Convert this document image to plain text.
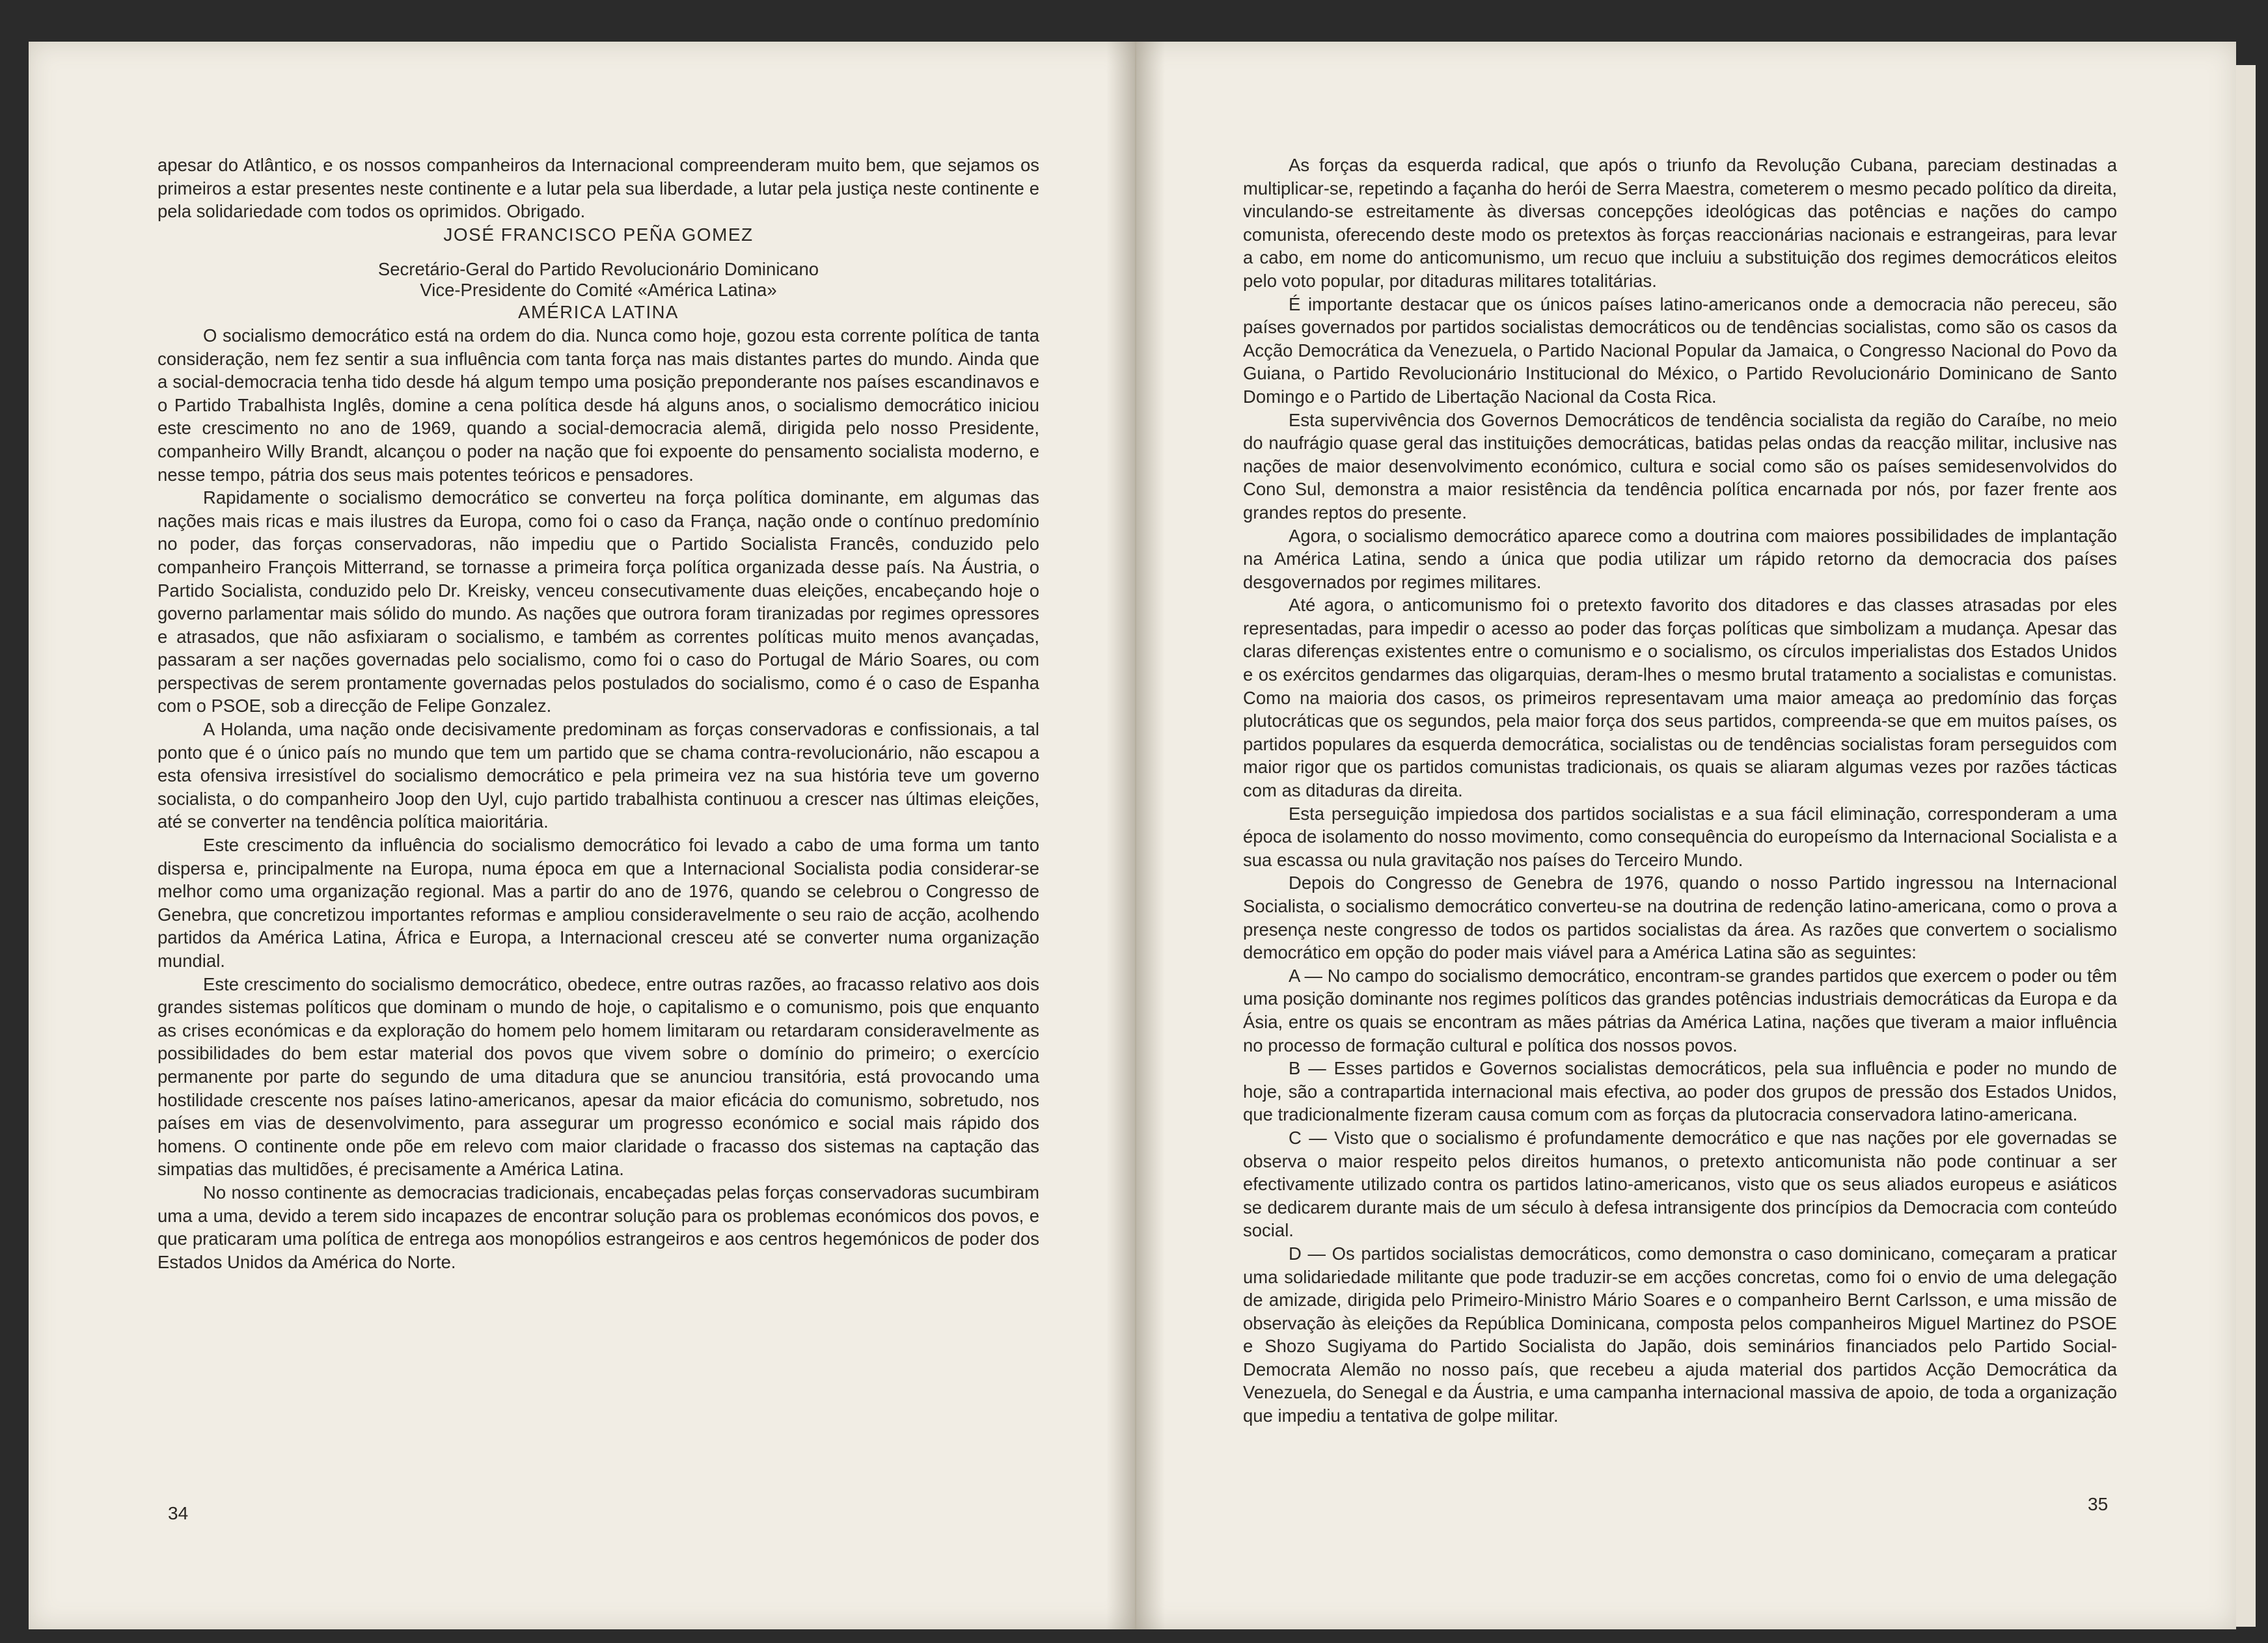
apesar do Atlântico, e os nossos companheiros da Internacional compreenderam muito bem, que sejamos os primeiros a estar presentes neste continente e a lutar pela sua liberdade, a lutar pela justiça neste continente e pela solidariedade com todos os oprimidos. Obrigado.

JOSÉ FRANCISCO PEÑA GOMEZ

Secretário-Geral do Partido Revolucionário Dominicano
Vice-Presidente do Comité «América Latina»

AMÉRICA LATINA

O socialismo democrático está na ordem do dia. Nunca como hoje, gozou esta corrente política de tanta consideração, nem fez sentir a sua influência com tanta força nas mais distantes partes do mundo. Ainda que a social-democracia tenha tido desde há algum tempo uma posição preponderante nos países escandinavos e o Partido Trabalhista Inglês, domine a cena política desde há alguns anos, o socialismo democrático iniciou este crescimento no ano de 1969, quando a social-democracia alemã, dirigida pelo nosso Presidente, companheiro Willy Brandt, alcançou o poder na nação que foi expoente do pensamento socialista moderno, e nesse tempo, pátria dos seus mais potentes teóricos e pensadores.

Rapidamente o socialismo democrático se converteu na força política dominante, em algumas das nações mais ricas e mais ilustres da Europa, como foi o caso da França, nação onde o contínuo predomínio no poder, das forças conservadoras, não impediu que o Partido Socialista Francês, conduzido pelo companheiro François Mitterrand, se tornasse a primeira força política organizada desse país. Na Áustria, o Partido Socialista, conduzido pelo Dr. Kreisky, venceu consecutivamente duas eleições, encabeçando hoje o governo parlamentar mais sólido do mundo. As nações que outrora foram tiranizadas por regimes opressores e atrasados, que não asfixiaram o socialismo, e também as correntes políticas muito menos avançadas, passaram a ser nações governadas pelo socialismo, como foi o caso do Portugal de Mário Soares, ou com perspectivas de serem prontamente governadas pelos postulados do socialismo, como é o caso de Espanha com o PSOE, sob a direcção de Felipe Gonzalez.

A Holanda, uma nação onde decisivamente predominam as forças conservadoras e confissionais, a tal ponto que é o único país no mundo que tem um partido que se chama contra-revolucionário, não escapou a esta ofensiva irresistível do socialismo democrático e pela primeira vez na sua história teve um governo socialista, o do companheiro Joop den Uyl, cujo partido trabalhista continuou a crescer nas últimas eleições, até se converter na tendência política maioritária.

Este crescimento da influência do socialismo democrático foi levado a cabo de uma forma um tanto dispersa e, principalmente na Europa, numa época em que a Internacional Socialista podia considerar-se melhor como uma organização regional. Mas a partir do ano de 1976, quando se celebrou o Congresso de Genebra, que concretizou importantes reformas e ampliou consideravelmente o seu raio de acção, acolhendo partidos da América Latina, África e Europa, a Internacional cresceu até se converter numa organização mundial.

Este crescimento do socialismo democrático, obedece, entre outras razões, ao fracasso relativo aos dois grandes sistemas políticos que dominam o mundo de hoje, o capitalismo e o comunismo, pois que enquanto as crises económicas e da exploração do homem pelo homem limitaram ou retardaram consideravelmente as possibilidades do bem estar material dos povos que vivem sobre o domínio do primeiro; o exercício permanente por parte do segundo de uma ditadura que se anunciou transitória, está provocando uma hostilidade crescente nos países latino-americanos, apesar da maior eficácia do comunismo, sobretudo, nos países em vias de desenvolvimento, para assegurar um progresso económico e social mais rápido dos homens. O continente onde põe em relevo com maior claridade o fracasso dos sistemas na captação das simpatias das multidões, é precisamente a América Latina.

No nosso continente as democracias tradicionais, encabeçadas pelas forças conservadoras sucumbiram uma a uma, devido a terem sido incapazes de encontrar solução para os problemas económicos dos povos, e que praticaram uma política de entrega aos monopólios estrangeiros e aos centros hegemónicos de poder dos Estados Unidos da América do Norte.

34

As forças da esquerda radical, que após o triunfo da Revolução Cubana, pareciam destinadas a multiplicar-se, repetindo a façanha do herói de Serra Maestra, cometerem o mesmo pecado político da direita, vinculando-se estreitamente às diversas concepções ideológicas das potências e nações do campo comunista, oferecendo deste modo os pretextos às forças reaccionárias nacionais e estrangeiras, para levar a cabo, em nome do anticomunismo, um recuo que incluiu a substituição dos regimes democráticos eleitos pelo voto popular, por ditaduras militares totalitárias.

É importante destacar que os únicos países latino-americanos onde a democracia não pereceu, são países governados por partidos socialistas democráticos ou de tendências socialistas, como são os casos da Acção Democrática da Venezuela, o Partido Nacional Popular da Jamaica, o Congresso Nacional do Povo da Guiana, o Partido Revolucionário Institucional do México, o Partido Revolucionário Dominicano de Santo Domingo e o Partido de Libertação Nacional da Costa Rica.

Esta supervivência dos Governos Democráticos de tendência socialista da região do Caraíbe, no meio do naufrágio quase geral das instituições democráticas, batidas pelas ondas da reacção militar, inclusive nas nações de maior desenvolvimento económico, cultura e social como são os países semidesenvolvidos do Cono Sul, demonstra a maior resistência da tendência política encarnada por nós, por fazer frente aos grandes reptos do presente.

Agora, o socialismo democrático aparece como a doutrina com maiores possibilidades de implantação na América Latina, sendo a única que podia utilizar um rápido retorno da democracia dos países desgovernados por regimes militares.

Até agora, o anticomunismo foi o pretexto favorito dos ditadores e das classes atrasadas por eles representadas, para impedir o acesso ao poder das forças políticas que simbolizam a mudança. Apesar das claras diferenças existentes entre o comunismo e o socialismo, os círculos imperialistas dos Estados Unidos e os exércitos gendarmes das oligarquias, deram-lhes o mesmo brutal tratamento a socialistas e comunistas. Como na maioria dos casos, os primeiros representavam uma maior ameaça ao predomínio das forças plutocráticas que os segundos, pela maior força dos seus partidos, compreenda-se que em muitos países, os partidos populares da esquerda democrática, socialistas ou de tendências socialistas foram perseguidos com maior rigor que os partidos comunistas tradicionais, os quais se aliaram algumas vezes por razões tácticas com as ditaduras da direita.

Esta perseguição impiedosa dos partidos socialistas e a sua fácil eliminação, corresponderam a uma época de isolamento do nosso movimento, como consequência do europeísmo da Internacional Socialista e a sua escassa ou nula gravitação nos países do Terceiro Mundo.

Depois do Congresso de Genebra de 1976, quando o nosso Partido ingressou na Internacional Socialista, o socialismo democrático converteu-se na doutrina de redenção latino-americana, como o prova a presença neste congresso de todos os partidos socialistas da área. As razões que convertem o socialismo democrático em opção do poder mais viável para a América Latina são as seguintes:

A — No campo do socialismo democrático, encontram-se grandes partidos que exercem o poder ou têm uma posição dominante nos regimes políticos das grandes potências industriais democráticas da Europa e da Ásia, entre os quais se encontram as mães pátrias da América Latina, nações que tiveram a maior influência no processo de formação cultural e política dos nossos povos.

B — Esses partidos e Governos socialistas democráticos, pela sua influência e poder no mundo de hoje, são a contrapartida internacional mais efectiva, ao poder dos grupos de pressão dos Estados Unidos, que tradicionalmente fizeram causa comum com as forças da plutocracia conservadora latino-americana.

C — Visto que o socialismo é profundamente democrático e que nas nações por ele governadas se observa o maior respeito pelos direitos humanos, o pretexto anticomunista não pode continuar a ser efectivamente utilizado contra os partidos latino-americanos, visto que os seus aliados europeus e asiáticos se dedicarem durante mais de um século à defesa intransigente dos princípios da Democracia com conteúdo social.

D — Os partidos socialistas democráticos, como demonstra o caso dominicano, começaram a praticar uma solidariedade militante que pode traduzir-se em acções concretas, como foi o envio de uma delegação de amizade, dirigida pelo Primeiro-Ministro Mário Soares e o companheiro Bernt Carlsson, e uma missão de observação às eleições da República Dominicana, composta pelos companheiros Miguel Martinez do PSOE e Shozo Sugiyama do Partido Socialista do Japão, dois seminários financiados pelo Partido Social-Democrata Alemão no nosso país, que recebeu a ajuda material dos partidos Acção Democrática da Venezuela, do Senegal e da Áustria, e uma campanha internacional massiva de apoio, de toda a organização que impediu a tentativa de golpe militar.

35
